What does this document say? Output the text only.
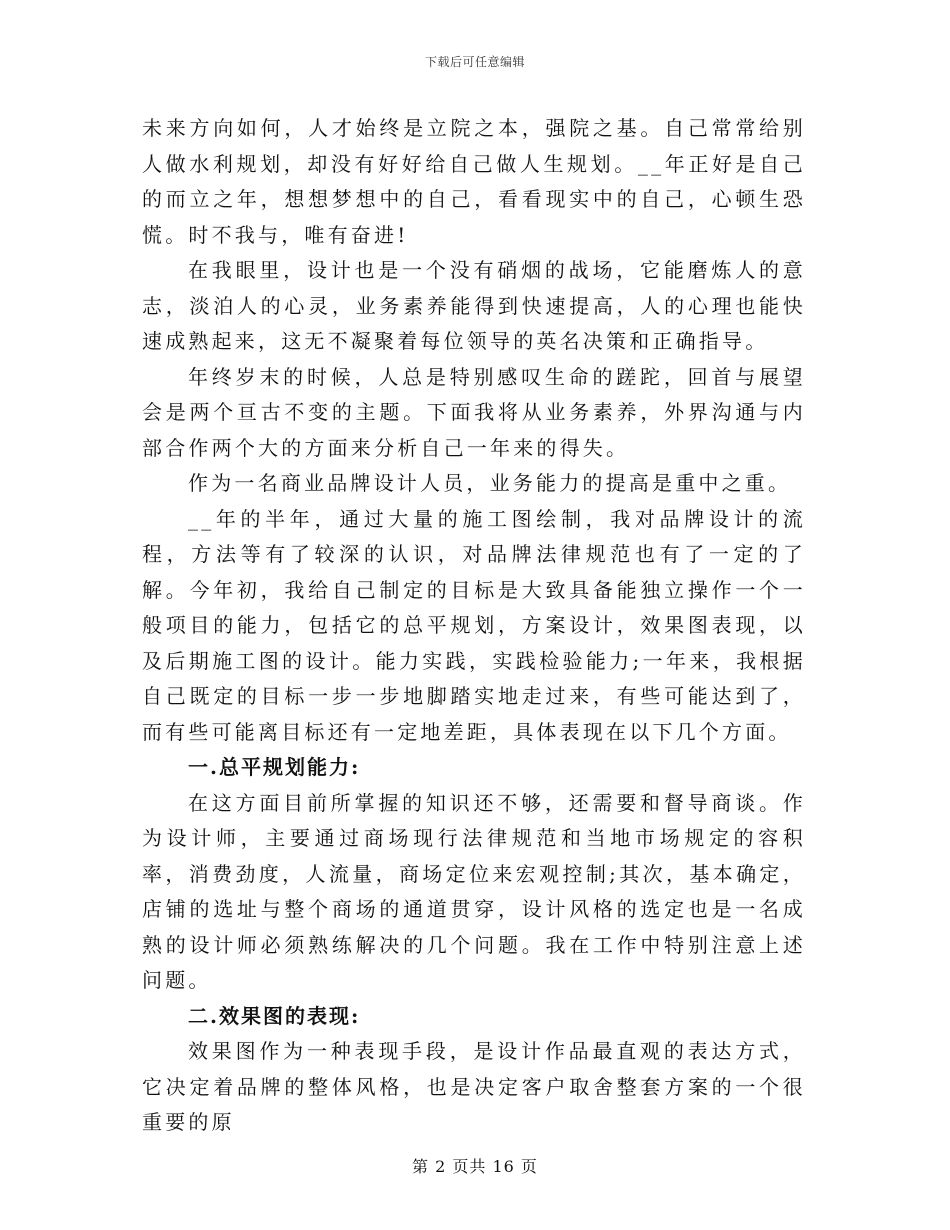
下载后可任意编辑

未来方向如何，人才始终是立院之本，强院之基。自己常常给别人做水利规划，却没有好好给自己做人生规划。__年正好是自己的而立之年，想想梦想中的自己，看看现实中的自己，心顿生恐慌。时不我与，唯有奋进!

在我眼里，设计也是一个没有硝烟的战场，它能磨炼人的意志，淡泊人的心灵，业务素养能得到快速提高，人的心理也能快速成熟起来，这无不凝聚着每位领导的英名决策和正确指导。

年终岁末的时候，人总是特别感叹生命的蹉跎，回首与展望会是两个亘古不变的主题。下面我将从业务素养，外界沟通与内部合作两个大的方面来分析自己一年来的得失。

作为一名商业品牌设计人员，业务能力的提高是重中之重。

__年的半年，通过大量的施工图绘制，我对品牌设计的流程，方法等有了较深的认识，对品牌法律规范也有了一定的了解。今年初，我给自己制定的目标是大致具备能独立操作一个一般项目的能力，包括它的总平规划，方案设计，效果图表现，以及后期施工图的设计。能力实践，实践检验能力;一年来，我根据自己既定的目标一步一步地脚踏实地走过来，有些可能达到了，而有些可能离目标还有一定地差距，具体表现在以下几个方面。

一.总平规划能力:

在这方面目前所掌握的知识还不够，还需要和督导商谈。作为设计师，主要通过商场现行法律规范和当地市场规定的容积率，消费劲度，人流量，商场定位来宏观控制;其次，基本确定，店铺的选址与整个商场的通道贯穿，设计风格的选定也是一名成熟的设计师必须熟练解决的几个问题。我在工作中特别注意上述问题。

二.效果图的表现:

效果图作为一种表现手段，是设计作品最直观的表达方式，它决定着品牌的整体风格，也是决定客户取舍整套方案的一个很重要的原

第 2 页共 16 页
